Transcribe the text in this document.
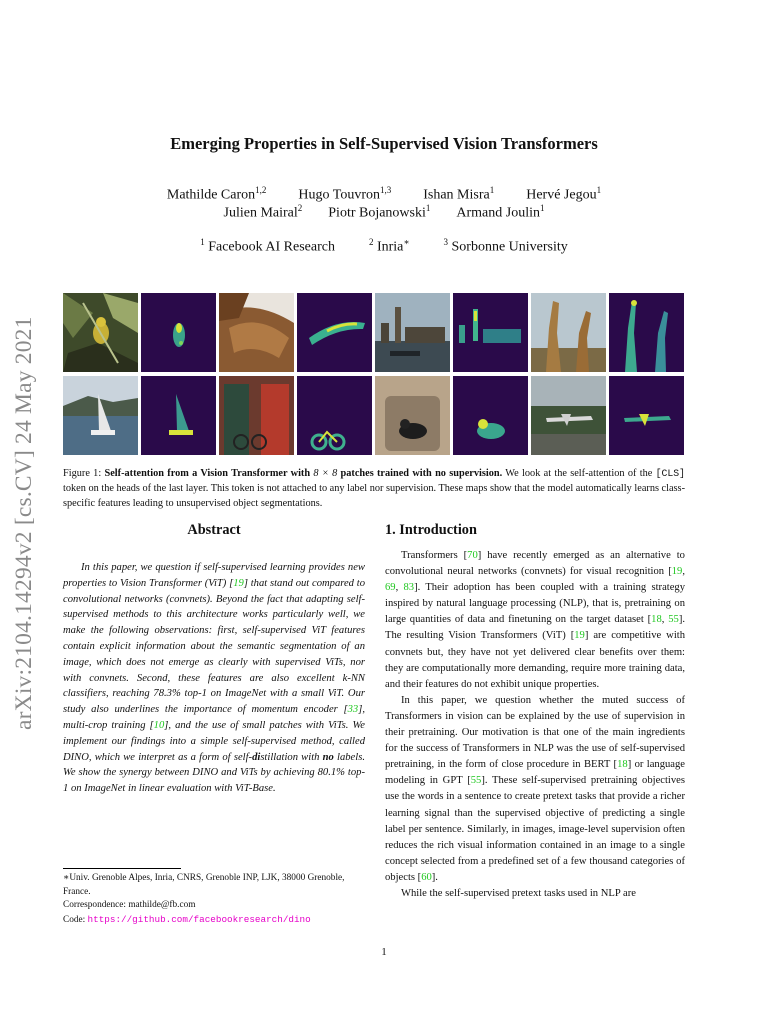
arXiv:2104.14294v2 [cs.CV] 24 May 2021
Emerging Properties in Self-Supervised Vision Transformers
Mathilde Caron$^{1,2}$ Hugo Touvron$^{1,3}$ Ishan Misra$^1$ Hervé Jegou$^1$
Julien Mairal$^2$ Piotr Bojanowski$^1$ Armand Joulin$^1$
$^1$ Facebook AI Research	$^2$ Inria∗	$^3$ Sorbonne University
Figure 1: Self-attention from a Vision Transformer with 8 × 8 patches trained with no supervision. We look at the self-attention of the [CLS] token on the heads of the last layer. This token is not attached to any label nor supervision. These maps show that the model automatically learns class-specific features leading to unsupervised object segmentations.
Abstract
In this paper, we question if self-supervised learning provides new properties to Vision Transformer (ViT) [19] that stand out compared to convolutional networks (convnets). Beyond the fact that adapting self-supervised methods to this architecture works particularly well, we make the following observations: first, self-supervised ViT features contain explicit information about the semantic segmentation of an image, which does not emerge as clearly with supervised ViTs, nor with convnets. Second, these features are also excellent k-NN classifiers, reaching 78.3% top-1 on ImageNet with a small ViT. Our study also underlines the importance of momentum encoder [33], multi-crop training [10], and the use of small patches with ViTs. We implement our findings into a simple self-supervised method, called DINO, which we interpret as a form of self-distillation with no labels. We show the synergy between DINO and ViTs by achieving 80.1% top-1 on ImageNet in linear evaluation with ViT-Base.
∗Univ. Grenoble Alpes, Inria, CNRS, Grenoble INP, LJK, 38000 Grenoble, France.
Correspondence: mathilde@fb.com
Code: https://github.com/facebookresearch/dino
1. Introduction

Transformers [70] have recently emerged as an alternative to convolutional neural networks (convnets) for visual recognition [19, 69, 83]. Their adoption has been coupled with a training strategy inspired by natural language processing (NLP), that is, pretraining on large quantities of data and finetuning on the target dataset [18, 55]. The resulting Vision Transformers (ViT) [19] are competitive with convnets but, they have not yet delivered clear benefits over them: they are computationally more demanding, require more training data, and their features do not exhibit unique properties.

In this paper, we question whether the muted success of Transformers in vision can be explained by the use of supervision in their pretraining. Our motivation is that one of the main ingredients for the success of Transformers in NLP was the use of self-supervised pretraining, in the form of close procedure in BERT [18] or language modeling in GPT [55]. These self-supervised pretraining objectives use the words in a sentence to create pretext tasks that provide a richer learning signal than the supervised objective of predicting a single label per sentence. Similarly, in images, image-level supervision often reduces the rich visual information contained in an image to a single concept selected from a predefined set of a few thousand categories of objects [60].

While the self-supervised pretext tasks used in NLP are

1
